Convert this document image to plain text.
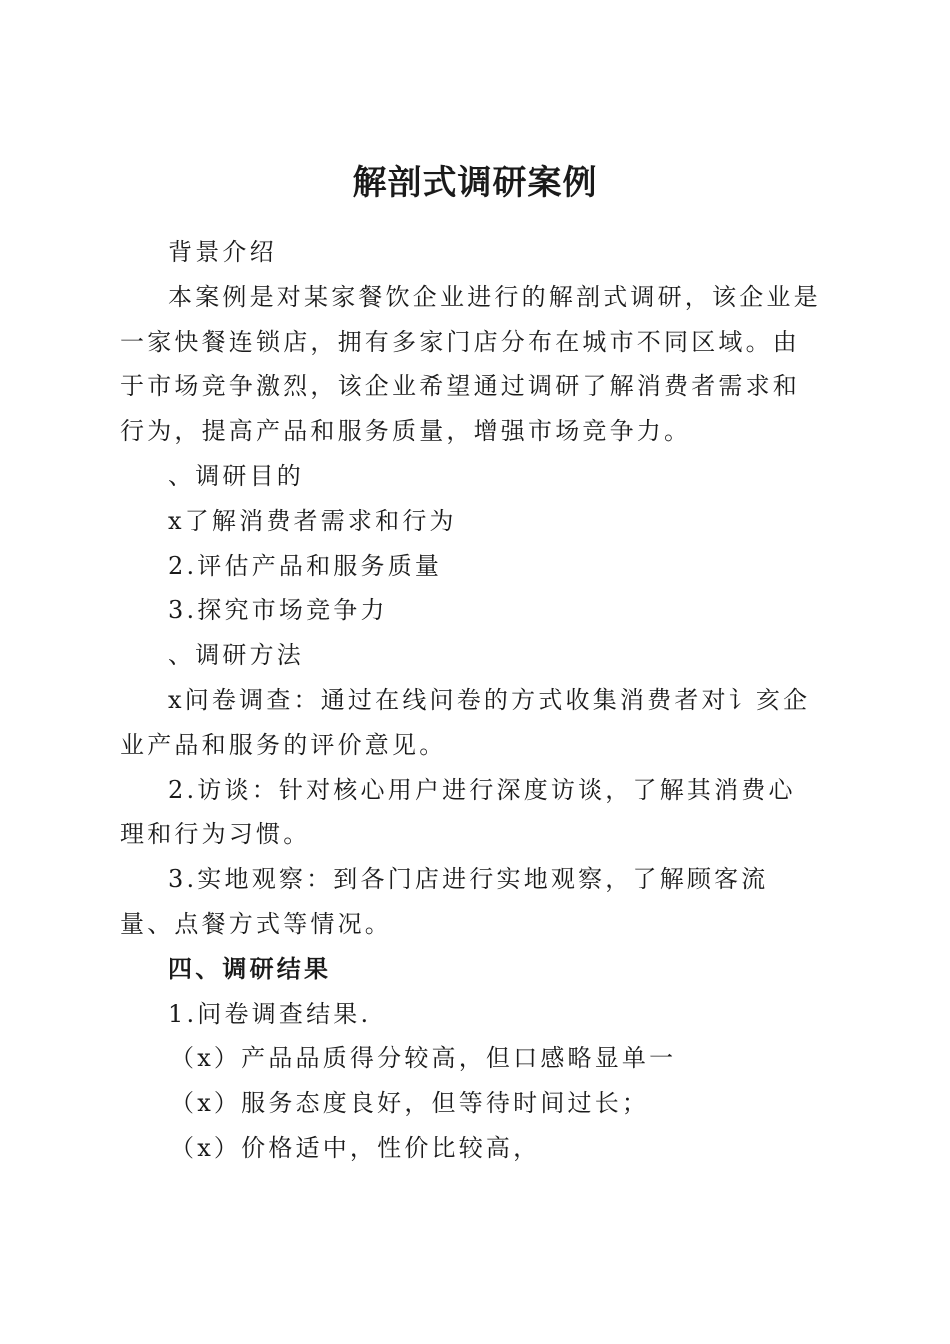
解剖式调研案例

背景介绍

本案例是对某家餐饮企业进行的解剖式调研，该企业是一家快餐连锁店，拥有多家门店分布在城市不同区域。由于市场竞争激烈，该企业希望通过调研了解消费者需求和行为，提高产品和服务质量，增强市场竞争力。

、调研目的

x了解消费者需求和行为

2.评估产品和服务质量

3.探究市场竞争力

、调研方法

x问卷调查：通过在线问卷的方式收集消费者对讠亥企业产品和服务的评价意见。

2.访谈：针对核心用户进行深度访谈，了解其消费心理和行为习惯。

3.实地观察：到各门店进行实地观察，了解顾客流量、点餐方式等情况。

四、调研结果

1.问卷调查结果.

（x）产品品质得分较高，但口感略显单一

（x）服务态度良好，但等待时间过长；

（x）价格适中，性价比较高，
